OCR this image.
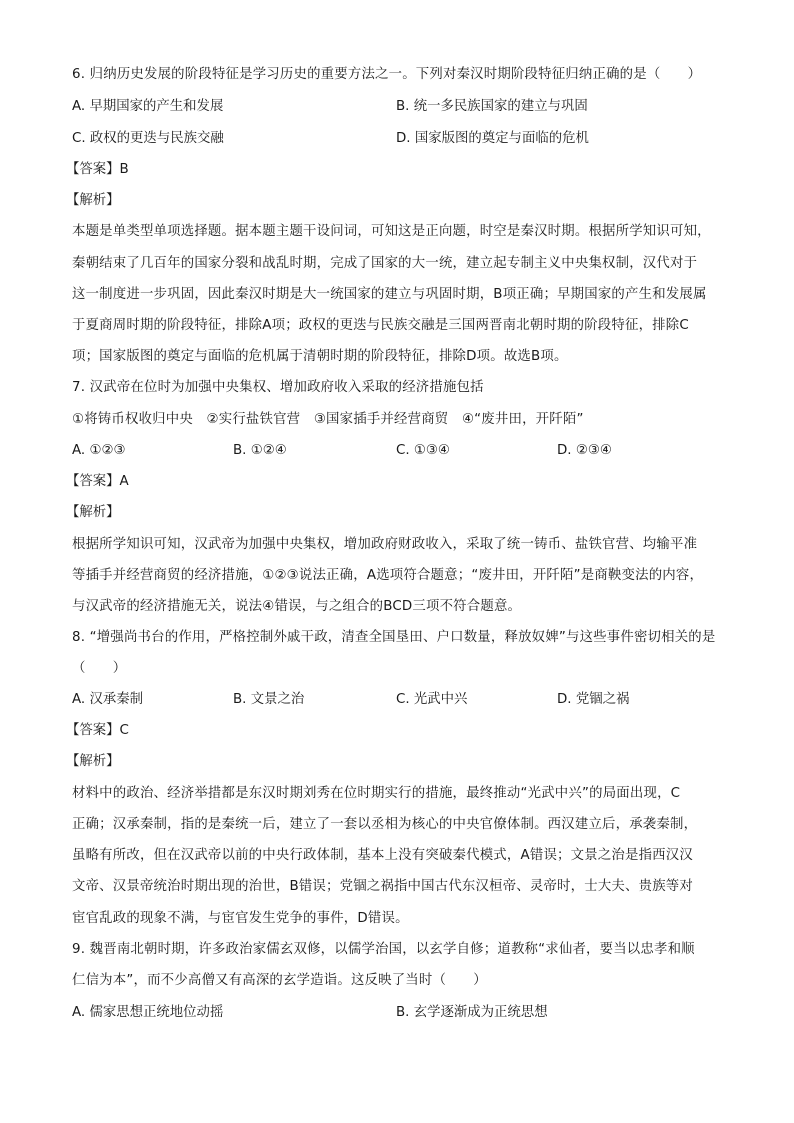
6. 归纳历史发展的阶段特征是学习历史的重要方法之一。下列对秦汉时期阶段特征归纳正确的是（　　）
A. 早期国家的产生和发展	B. 统一多民族国家的建立与巩固
C. 政权的更迭与民族交融	D. 国家版图的奠定与面临的危机
【答案】B
【解析】
本题是单类型单项选择题。据本题主题干设问词，可知这是正向题，时空是秦汉时期。根据所学知识可知，
秦朝结束了几百年的国家分裂和战乱时期，完成了国家的大一统，建立起专制主义中央集权制，汉代对于
这一制度进一步巩固，因此秦汉时期是大一统国家的建立与巩固时期，B项正确；早期国家的产生和发展属
于夏商周时期的阶段特征，排除A项；政权的更迭与民族交融是三国两晋南北朝时期的阶段特征，排除C
项；国家版图的奠定与面临的危机属于清朝时期的阶段特征，排除D项。故选B项。
7. 汉武帝在位时为加强中央集权、增加政府收入采取的经济措施包括
①将铸币权收归中央　②实行盐铁官营　③国家插手并经营商贸　④“废井田，开阡陌”
A. ①②③	B. ①②④	C. ①③④	D. ②③④
【答案】A
【解析】
根据所学知识可知，汉武帝为加强中央集权，增加政府财政收入，采取了统一铸币、盐铁官营、均输平准
等插手并经营商贸的经济措施，①②③说法正确，A选项符合题意；“废井田，开阡陌”是商鞅变法的内容，
与汉武帝的经济措施无关，说法④错误，与之组合的BCD三项不符合题意。
8. “增强尚书台的作用，严格控制外戚干政，清查全国垦田、户口数量，释放奴婢”与这些事件密切相关的是
（　　）
A. 汉承秦制	B. 文景之治	C. 光武中兴	D. 党锢之祸
【答案】C
【解析】
材料中的政治、经济举措都是东汉时期刘秀在位时期实行的措施，最终推动“光武中兴”的局面出现，C
正确；汉承秦制，指的是秦统一后，建立了一套以丞相为核心的中央官僚体制。西汉建立后，承袭秦制，
虽略有所改，但在汉武帝以前的中央行政体制，基本上没有突破秦代模式，A错误；文景之治是指西汉汉
文帝、汉景帝统治时期出现的治世，B错误；党锢之祸指中国古代东汉桓帝、灵帝时，士大夫、贵族等对
宦官乱政的现象不满，与宦官发生党争的事件，D错误。
9. 魏晋南北朝时期，许多政治家儒玄双修，以儒学治国，以玄学自修；道教称“求仙者，要当以忠孝和顺
仁信为本”，而不少高僧又有高深的玄学造诣。这反映了当时（　　）
A. 儒家思想正统地位动摇	B. 玄学逐渐成为正统思想
